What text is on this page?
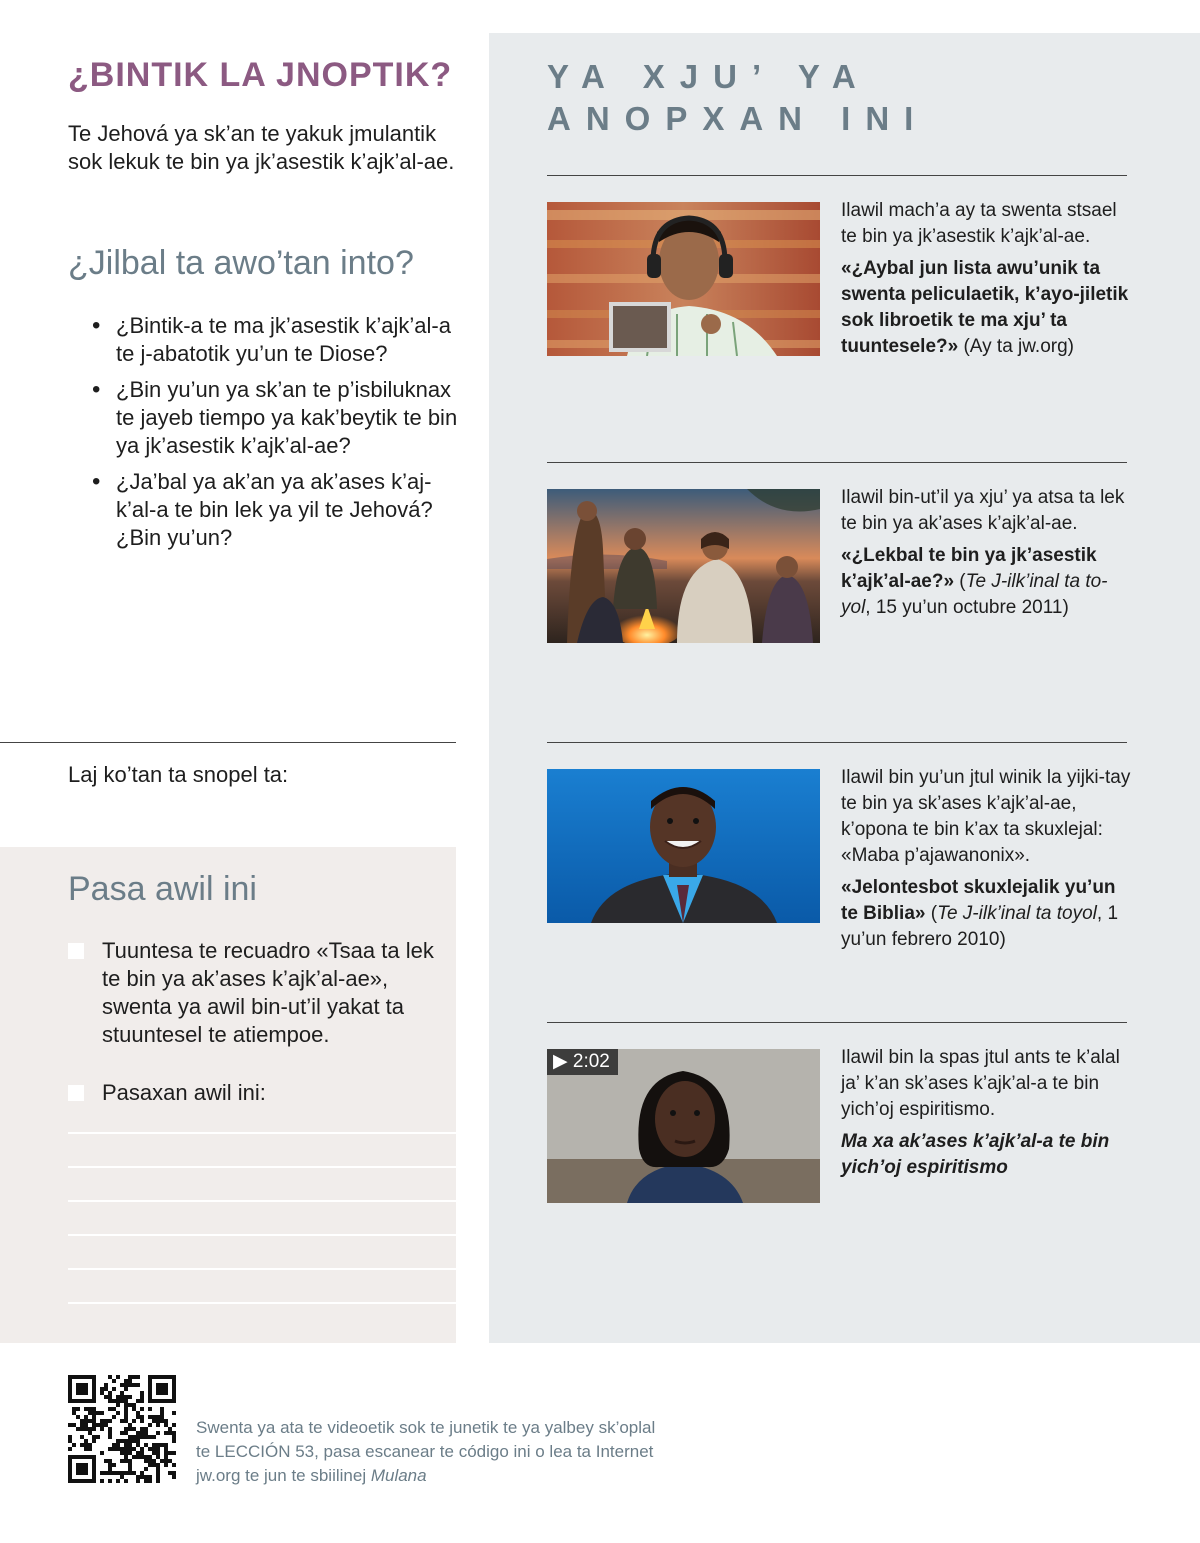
¿BINTIK LA JNOPTIK?

Te Jehová ya sk’an te yakuk jmulantik sok lekuk te bin ya jk’asestik k’ajk’al-ae.

¿Jilbal ta awo’tan into?
• ¿Bintik-a te ma jk’asestik k’ajk’al-a te j-abatotik yu’un te Diose?
• ¿Bin yu’un ya sk’an te p’isbiluknax te jayeb tiempo ya kak’beytik te bin ya jk’asestik k’ajk’al-ae?
• ¿Ja’bal ya ak’an ya ak’ases k’aj-k’al-a te bin lek ya yil te Jehová? ¿Bin yu’un?

Laj ko’tan ta snopel ta:

Pasa awil ini
Tuuntesa te recuadro «Tsaa ta lek te bin ya ak’ases k’ajk’al-ae», swenta ya awil bin-ut’il yakat ta stuuntesel te atiempoe.
Pasaxan awil ini:
YA XJU’ YA ANOPXAN INI

Ilawil mach’a ay ta swenta stsael te bin ya jk’asestik k’ajk’al-ae.

«¿Aybal jun lista awu’unik ta swenta peliculaetik, k’ayo-jiletik sok libroetik te ma xju’ ta tuuntesele?» (Ay ta jw.org)

Ilawil bin-ut’il ya xju’ ya atsa ta lek te bin ya ak’ases k’ajk’al-ae.

«¿Lekbal te bin ya jk’asestik k’ajk’al-ae?» (Te J-ilk’inal ta to-yol, 15 yu’un octubre 2011)

Ilawil bin yu’un jtul winik la yijki-tay te bin ya sk’ases k’ajk’al-ae, k’opona te bin k’ax ta skuxlejal: «Maba p’ajawanonix».

«Jelontesbot skuxlejalik yu’un te Biblia» (Te J-ilk’inal ta toyol, 1 yu’un febrero 2010)

▶ 2:02	Ilawil bin la spas jtul ants te k’alal ja’ k’an sk’ases k’ajk’al-a te bin yich’oj espiritismo.

Ma xa ak’ases k’ajk’al-a te bin yich’oj espiritismo

Swenta ya ata te videoetik sok te junetik te ya yalbey sk’oplal te LECCIÓN 53, pasa escanear te código ini o lea ta Internet jw.org te jun te sbiilinej Mulana
